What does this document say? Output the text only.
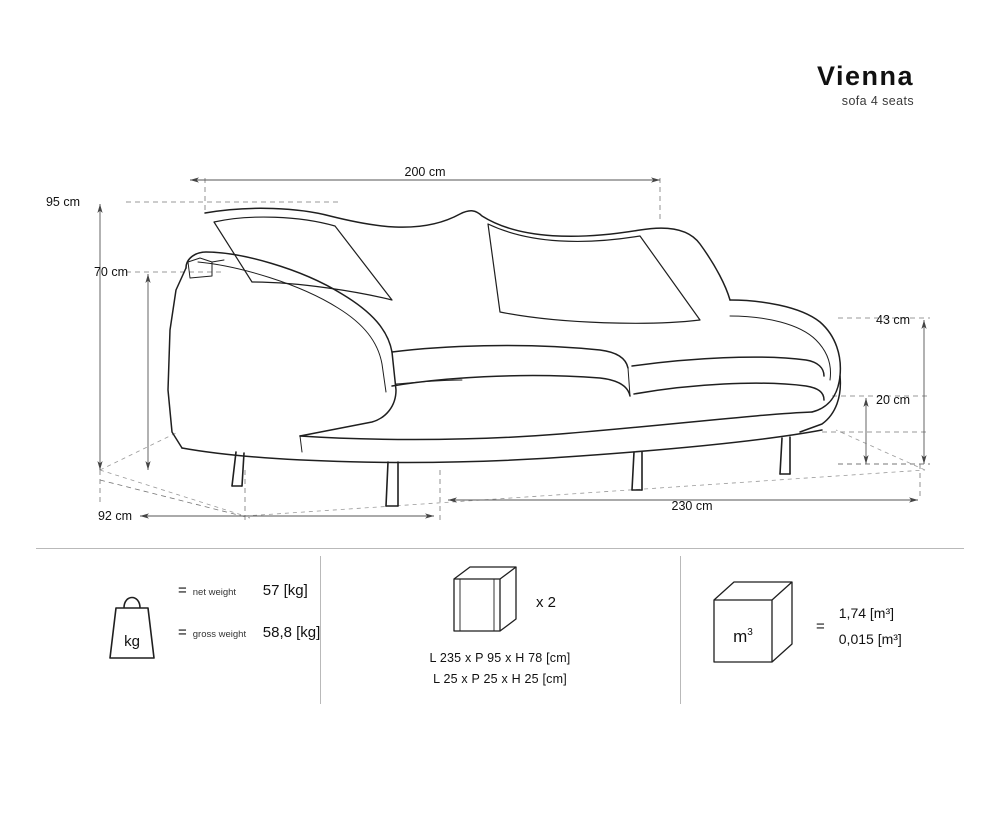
Vienna
sofa 4 seats
200 cm
95 cm
70 cm
92 cm
230 cm
43 cm
20 cm
kg
= net weight	57 [kg]
= gross weight	58,8 [kg]
x 2
L 235 x P 95 x H 78 [cm]
L 25 x P 25 x H 25 [cm]
$m^3$	=
1,74 [m³]
0,015 [m³]
